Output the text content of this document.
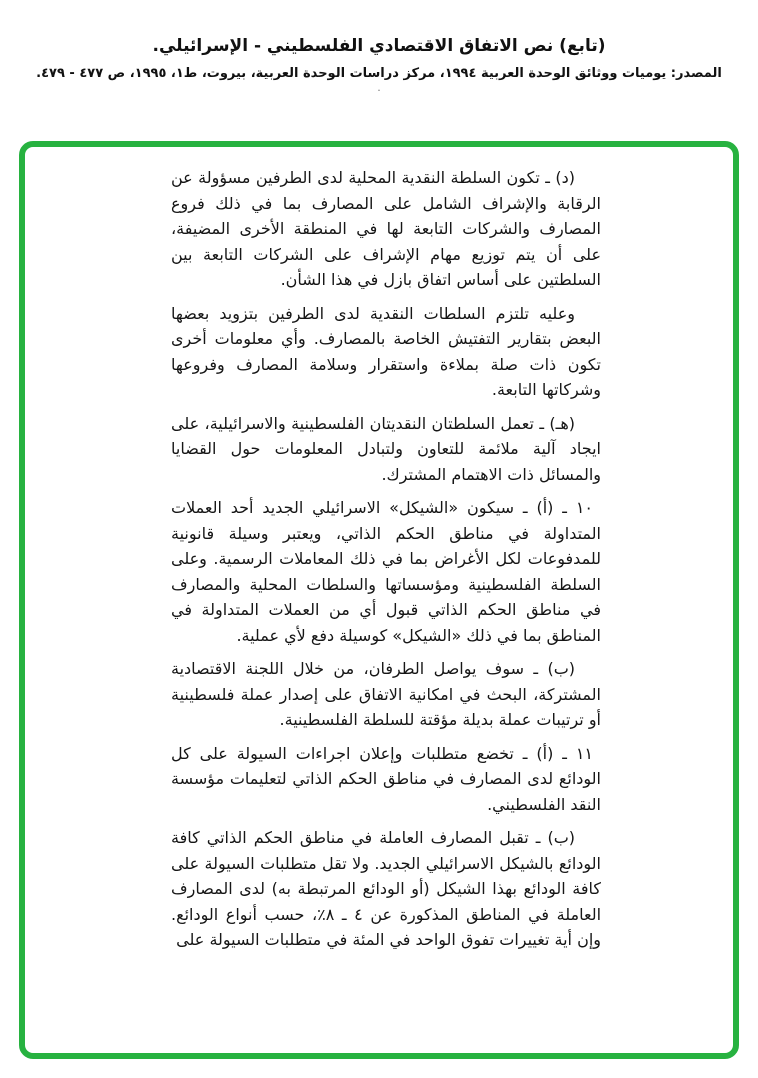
(تابع) نص الاتفاق الاقتصادي الفلسطيني - الإسرائيلي.
المصدر: يوميات ووثائق الوحدة العربية ١٩٩٤، مركز دراسات الوحدة العربية، بيروت، ط١، ١٩٩٥، ص ٤٧٧ - ٤٧٩.
.

(د) ـ تكون السلطة النقدية المحلية لدى الطرفين مسؤولة عن الرقابة والإشراف الشامل على المصارف بما في ذلك فروع المصارف والشركات التابعة لها في المنطقة الأخرى المضيفة، على أن يتم توزيع مهام الإشراف على الشركات التابعة بين السلطتين على أساس اتفاق بازل في هذا الشأن.

وعليه تلتزم السلطات النقدية لدى الطرفين بتزويد بعضها البعض بتقارير التفتيش الخاصة بالمصارف. وأي معلومات أخرى تكون ذات صلة بملاءة واستقرار وسلامة المصارف وفروعها وشركاتها التابعة.

(هـ) ـ تعمل السلطتان النقديتان الفلسطينية والاسرائيلية، على ايجاد آلية ملائمة للتعاون ولتبادل المعلومات حول القضايا والمسائل ذات الاهتمام المشترك.

١٠ ـ (أ) ـ سيكون «الشيكل» الاسرائيلي الجديد أحد العملات المتداولة في مناطق الحكم الذاتي، ويعتبر وسيلة قانونية للمدفوعات لكل الأغراض بما في ذلك المعاملات الرسمية. وعلى السلطة الفلسطينية ومؤسساتها والسلطات المحلية والمصارف في مناطق الحكم الذاتي قبول أي من العملات المتداولة في المناطق بما في ذلك «الشيكل» كوسيلة دفع لأي عملية.

(ب) ـ سوف يواصل الطرفان، من خلال اللجنة الاقتصادية المشتركة، البحث في امكانية الاتفاق على إصدار عملة فلسطينية أو ترتيبات عملة بديلة مؤقتة للسلطة الفلسطينية.

١١ ـ (أ) ـ تخضع متطلبات وإعلان اجراءات السيولة على كل الودائع لدى المصارف في مناطق الحكم الذاتي لتعليمات مؤسسة النقد الفلسطيني.

(ب) ـ تقبل المصارف العاملة في مناطق الحكم الذاتي كافة الودائع بالشيكل الاسرائيلي الجديد. ولا تقل متطلبات السيولة على كافة الودائع بهذا الشيكل (أو الودائع المرتبطة به) لدى المصارف العاملة في المناطق المذكورة عن ٤ ـ ٨٪، حسب أنواع الودائع. وإن أية تغييرات تفوق الواحد في المئة في متطلبات السيولة على
